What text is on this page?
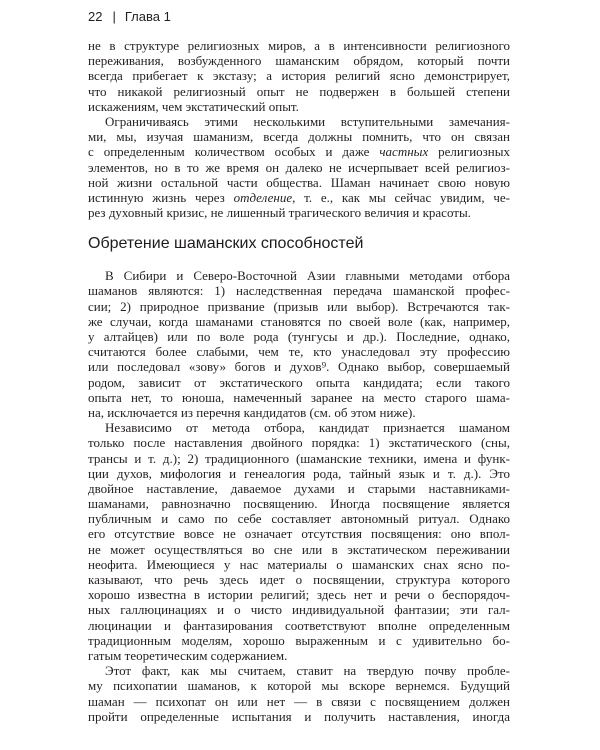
22 | Глава 1
не в структуре религиозных миров, а в интенсивности религиозного
переживания, возбужденного шаманским обрядом, который почти
всегда прибегает к экстазу; а история религий ясно демонстрирует,
что никакой религиозный опыт не подвержен в большей степени
искажениям, чем экстатический опыт.
Ограничиваясь этими несколькими вступительными замечания-
ми, мы, изучая шаманизм, всегда должны помнить, что он связан
с определенным количеством особых и даже частных религиозных
элементов, но в то же время он далеко не исчерпывает всей религиоз-
ной жизни остальной части общества. Шаман начинает свою новую
истинную жизнь через отделение, т. е., как мы сейчас увидим, че-
рез духовный кризис, не лишенный трагического величия и красоты.
Обретение шаманских способностей
В Сибири и Северо-Восточной Азии главными методами отбора
шаманов являются: 1) наследственная передача шаманской профес-
сии; 2) природное призвание (призыв или выбор). Встречаются так-
же случаи, когда шаманами становятся по своей воле (как, например,
у алтайцев) или по воле рода (тунгусы и др.). Последние, однако,
считаются более слабыми, чем те, кто унаследовал эту профессию
или последовал «зову» богов и духов⁹. Однако выбор, совершаемый
родом, зависит от экстатического опыта кандидата; если такого
опыта нет, то юноша, намеченный заранее на место старого шама-
на, исключается из перечня кандидатов (см. об этом ниже).
Независимо от метода отбора, кандидат признается шаманом
только после наставления двойного порядка: 1) экстатического (сны,
трансы и т. д.); 2) традиционного (шаманские техники, имена и функ-
ции духов, мифология и генеалогия рода, тайный язык и т. д.). Это
двойное наставление, даваемое духами и старыми наставниками-
шаманами, равнозначно посвящению. Иногда посвящение является
публичным и само по себе составляет автономный ритуал. Однако
его отсутствие вовсе не означает отсутствия посвящения: оно впол-
не может осуществляться во сне или в экстатическом переживании
неофита. Имеющиеся у нас материалы о шаманских снах ясно по-
казывают, что речь здесь идет о посвящении, структура которого
хорошо известна в истории религий; здесь нет и речи о беспорядоч-
ных галлюцинациях и о чисто индивидуальной фантазии; эти гал-
люцинации и фантазирования соответствуют вполне определенным
традиционным моделям, хорошо выраженным и с удивительно бо-
гатым теоретическим содержанием.
Этот факт, как мы считаем, ставит на твердую почву пробле-
му психопатии шаманов, к которой мы вскоре вернемся. Будущий
шаман — психопат он или нет — в связи с посвящением должен
пройти определенные испытания и получить наставления, иногда
